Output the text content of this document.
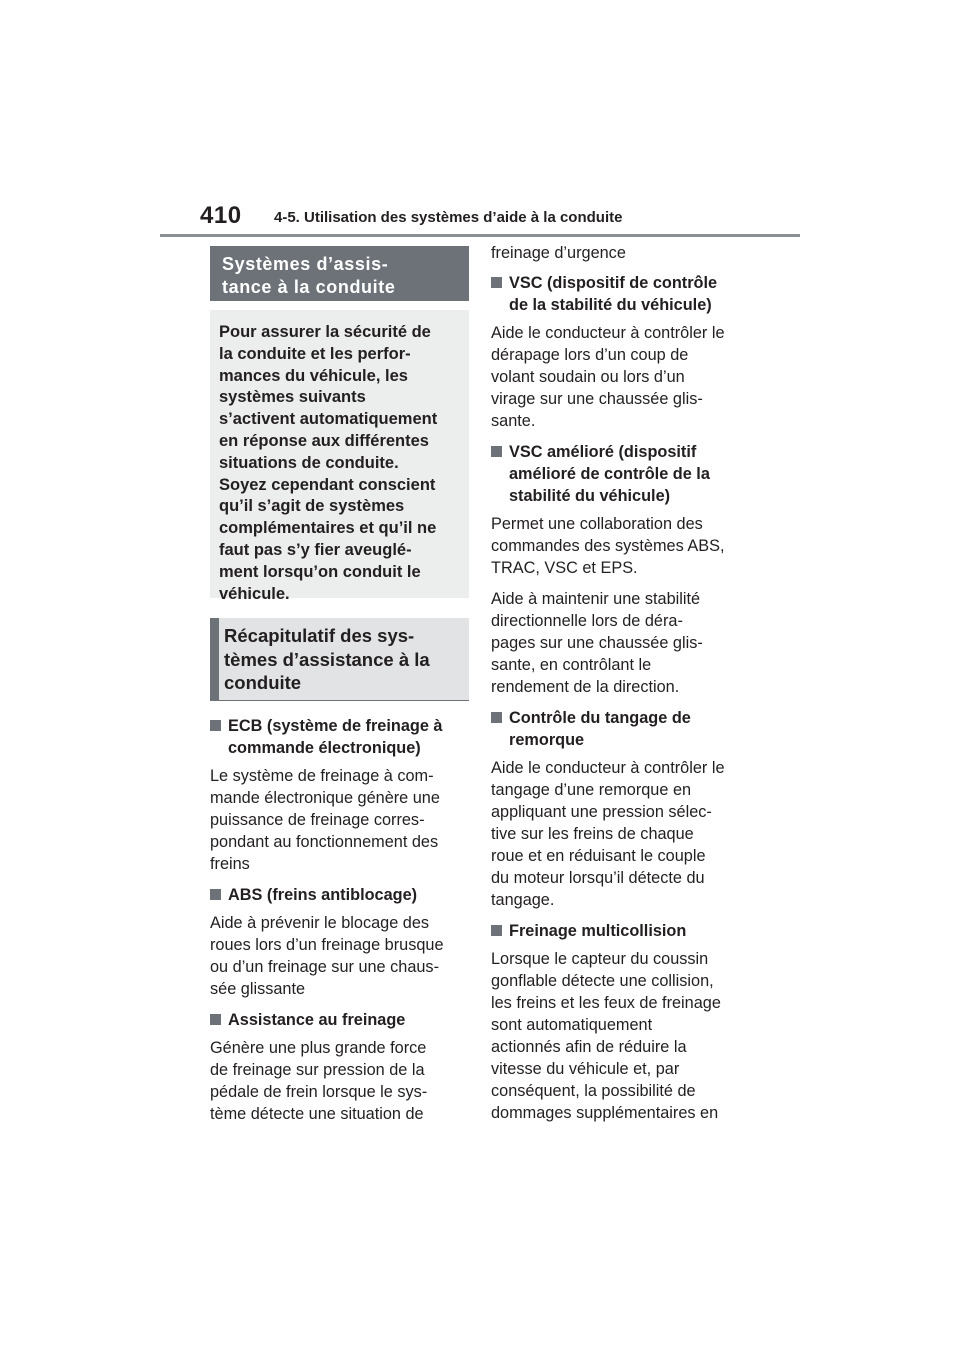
410 4-5. Utilisation des systèmes d’aide à la conduite
Systèmes d’assis-
tance à la conduite
Pour assurer la sécurité de
la conduite et les perfor-
mances du véhicule, les
systèmes suivants
s’activent automatiquement
en réponse aux différentes
situations de conduite.
Soyez cependant conscient
qu’il s’agit de systèmes
complémentaires et qu’il ne
faut pas s’y fier aveuglé-
ment lorsqu’on conduit le
véhicule.
Récapitulatif des sys-
tèmes d’assistance à la
conduite
ECB (système de freinage à
commande électronique)
Le système de freinage à com-
mande électronique génère une
puissance de freinage corres-
pondant au fonctionnement des
freins
ABS (freins antiblocage)
Aide à prévenir le blocage des
roues lors d’un freinage brusque
ou d’un freinage sur une chaus-
sée glissante
Assistance au freinage
Génère une plus grande force
de freinage sur pression de la
pédale de frein lorsque le sys-
tème détecte une situation de
freinage d’urgence
VSC (dispositif de contrôle
de la stabilité du véhicule)
Aide le conducteur à contrôler le
dérapage lors d’un coup de
volant soudain ou lors d’un
virage sur une chaussée glis-
sante.
VSC amélioré (dispositif
amélioré de contrôle de la
stabilité du véhicule)
Permet une collaboration des
commandes des systèmes ABS,
TRAC, VSC et EPS.
Aide à maintenir une stabilité
directionnelle lors de déra-
pages sur une chaussée glis-
sante, en contrôlant le
rendement de la direction.
Contrôle du tangage de
remorque
Aide le conducteur à contrôler le
tangage d’une remorque en
appliquant une pression sélec-
tive sur les freins de chaque
roue et en réduisant le couple
du moteur lorsqu’il détecte du
tangage.
Freinage multicollision
Lorsque le capteur du coussin
gonflable détecte une collision,
les freins et les feux de freinage
sont automatiquement
actionnés afin de réduire la
vitesse du véhicule et, par
conséquent, la possibilité de
dommages supplémentaires en
